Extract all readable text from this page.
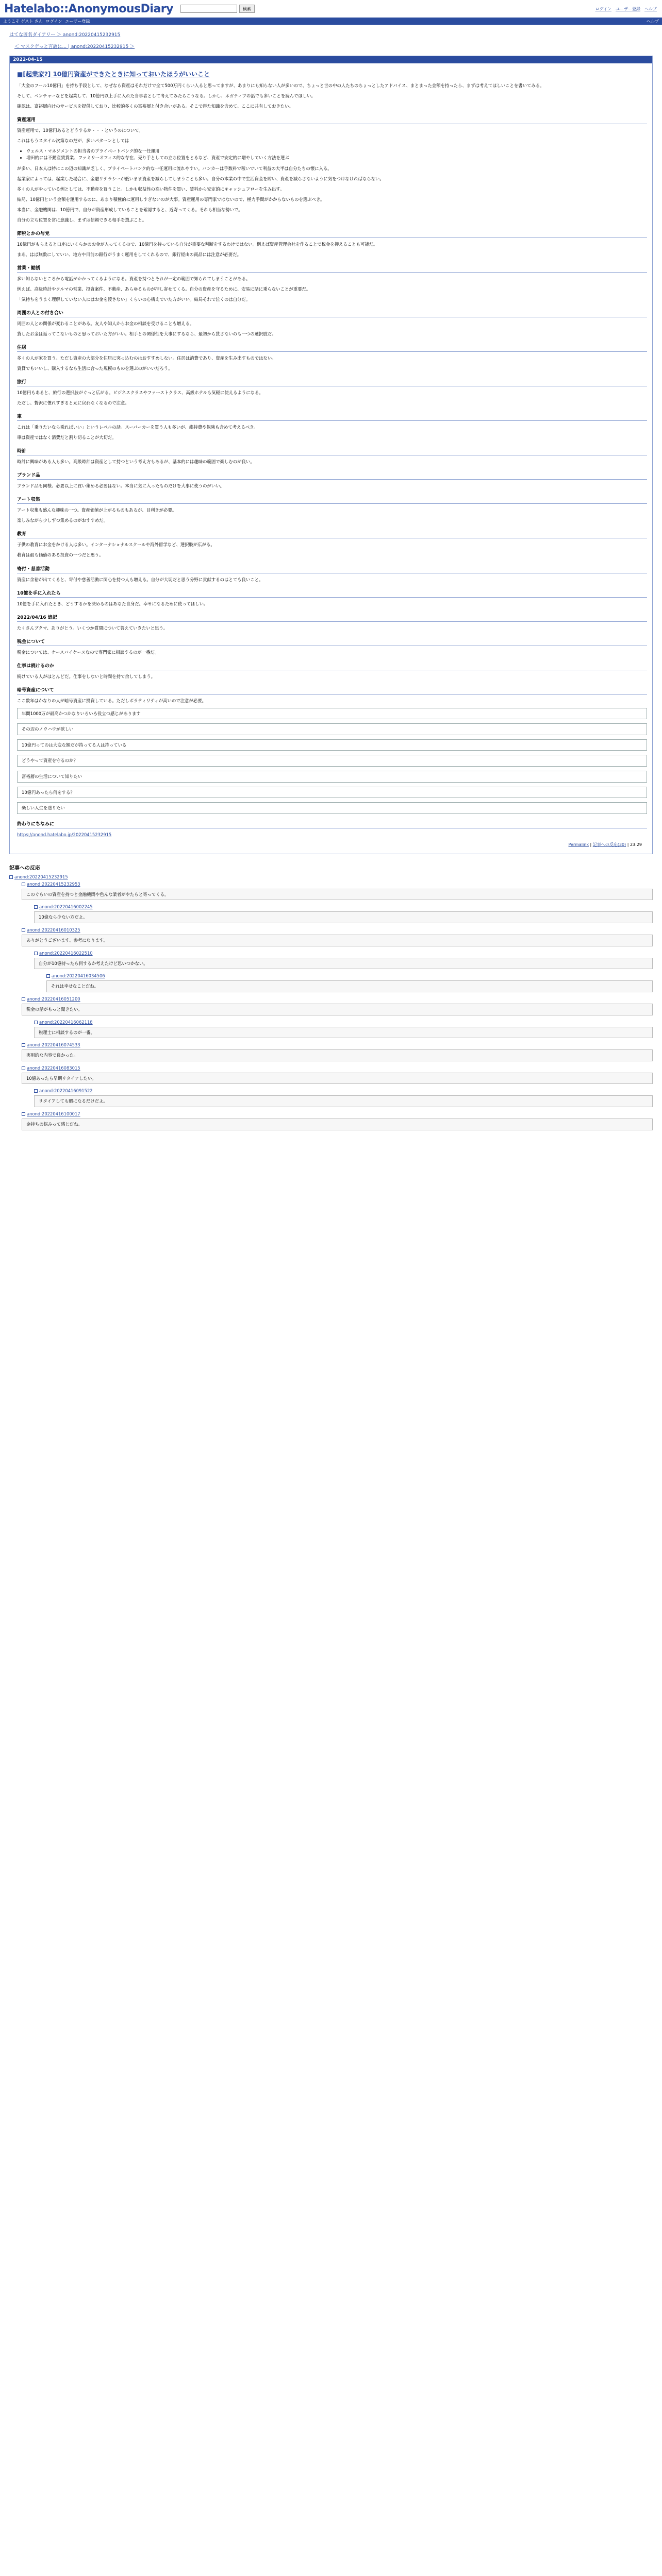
Hatelabo::AnonymousDiary	検索	ログイン ユーザー登録 ヘルプ
ようこそ ゲスト さん ログイン ユーザー登録	ヘルプ
はてな匿名ダイアリー ＞ anond:20220415232915
＜ マスクゲっと言語に... | anond:20220415232915 ＞
2022-04-15
■[起業家?] 10億円資産ができたときに知っておいたほうがいいこと

「大金のフール10億円」を持ち手段として、なぜなら資産はそれだけで全て500万円くらい入ると思ってますが、あまりにも知らない人が多いので、ちょっと世の中の人たちのちょっとしたアドバイス、まとまった金額を持ったら、まずは考えてほしいことを書いてみる。

そして、ベンチャーなどを起業して、10億円以上手に入れた当事者として考えてみたらこうなる。しかし、ネガティブの話でも多いことを読んでほしい。

確認は、富裕層向けのサービスを提供しており、比較的多くの富裕層と付き合いがある。そこで得た知識を含めて、ここに共有しておきたい。

資産運用

資産運用で、10億円あるとどうするか・・・というのについて。

これはもうスタイル次第なのだが、多いパターンとしては

• ウェルス・マネジメントの担当者のプライベートバンク的な一任運用
• 増田的には不動産賃貸業、ファミリーオフィス的な存在、売り手としての立ち位置をとるなど、資産で安定的に増やしていく方法を選ぶ

が多い、日本人は特にこの辺の知識が乏しく、プライベートバンク的な一任運用に流れやすい。バンカーは手数料で稼いでいて利益の大半は自分たちの懐に入る。

起業家によっては、起業した場合に、金融リテラシーが低いまま資産を減らしてしまうことも多い。自分の本業の中で生活資金を賄い、資産を減らさないように気をつけなければならない。

多くの人がやっている例としては、不動産を買うこと。しかも収益性の高い物件を買い、賃料から安定的にキャッシュフローを生み出す。

結局、10億円という金額を運用するのに、あまり積極的に運用しすぎないのが大事。資産運用の専門家ではないので、極力手間がかからないものを選ぶべき。

本当に、金融機関は、10億円で、自分が資産形成していることを確認すると、近寄ってくる。それも相当な勢いで。

自分の立ち位置を常に意識し、まずは信頼できる相手を選ぶこと。

節税とかの与党

10億円がもらえると口座にいくらかのお金が入ってくるので、10億円を持っている自分が重要な判断をするわけではない。例えば資産管理会社を作ることで税金を抑えることも可能だ。

まあ、はば無数にしていい、地方や目前の銀行がうまく運用をしてくれるので、銀行経由の商品には注意が必要だ。

営業・勧誘

多い知らないところから電話がかかってくるようになる。資産を持つとそれが一定の範囲で知られてしまうことがある。

例えば、高級時計やクルマの営業、投資案件、不動産、あらゆるものが押し寄せてくる。自分の資産を守るために、安易に話に乗らないことが重要だ。

「気持ちをうまく理解していない人にはお金を渡さない」くらいの心構えでいた方がいい。結局それで泣くのは自分だ。

周囲の人との付き合い

周囲の人との関係が変わることがある。友人や知人からお金の相談を受けることも増える。

貸したお金は返ってこないものと思っておいた方がいい。相手との関係性を大事にするなら、最初から貸さないのも一つの選択肢だ。

住居

多くの人が家を買う。ただし資産の大部分を住居に突っ込むのはおすすめしない。住居は消費であり、資産を生み出すものではない。

賃貸でもいいし、購入するなら生活に合った規模のものを選ぶのがいいだろう。

旅行

10億円もあると、旅行の選択肢がぐっと広がる。ビジネスクラスやファーストクラス、高級ホテルも気軽に使えるようになる。

ただし、贅沢に慣れすぎると元に戻れなくなるので注意。

車

これは「乗りたいなら乗ればいい」というレベルの話。スーパーカーを買う人も多いが、維持費や保険も含めて考えるべき。

車は資産ではなく消費だと割り切ることが大切だ。

時計

時計に興味がある人も多い。高級時計は資産として持つという考え方もあるが、基本的には趣味の範囲で楽しむのが良い。

ブランド品

ブランド品も同様。必要以上に買い集める必要はない。本当に気に入ったものだけを大事に使うのがいい。

アート収集

アート収集も盛んな趣味の一つ。資産価値が上がるものもあるが、目利きが必要。

楽しみながら少しずつ集めるのがおすすめだ。

教育

子供の教育にお金をかける人は多い。インターナショナルスクールや海外留学など、選択肢が広がる。

教育は最も価値のある投資の一つだと思う。

寄付・慈善活動

資産に余裕が出てくると、寄付や慈善活動に関心を持つ人も増える。自分が大切だと思う分野に貢献するのはとても良いこと。

10億を手に入れたら

10億を手に入れたとき、どうするかを決めるのはあなた自身だ。幸せになるために使ってほしい。

2022/04/16 追記

たくさんブクマ、ありがとう。いくつか質問について答えていきたいと思う。

税金について

税金については、ケースバイケースなので専門家に相談するのが一番だ。

仕事は続けるのか

続けている人がほとんどだ。仕事をしないと時間を持て余してしまう。

暗号資産について

ここ数年はかなりの人が暗号資産に投資している。ただしボラティリティが高いので注意が必要。

年間1000万が最高かつかなりいろいろ役立つ感じがあります

その辺のノウハウが欲しい

10億円ってのは大変な額だが持ってる人は持っている

どうやって資産を守るのか？

富裕層の生活について知りたい

10億円あったら何をする？

楽しい人生を送りたい

終わりにちなみに

https://anond.hatelabo.jp/20220415232915

Permalink | 記事への反応(30) | 23:29
記事への反応
anond:20220415232915
anond:20220415232953
このぐらいの資産を持つと金融機関や色んな業者がやたらと寄ってくる。
anond:20220416002245
10億なら少ない方だよ。
anond:20220416010325
ありがとうございます、参考になります。
anond:20220416022510
自分が10億持ったら何するか考えたけど思いつかない。
anond:20220416034506
それは幸せなことだね。
anond:20220416051200
税金の話がもっと聞きたい。
anond:20220416062118
税理士に相談するのが一番。
anond:20220416074533
実用的な内容で良かった。
anond:20220416083015
10億あったら早期リタイアしたい。
anond:20220416091522
リタイアしても暇になるだけだよ。
anond:20220416100017
金持ちの悩みって感じだね。
